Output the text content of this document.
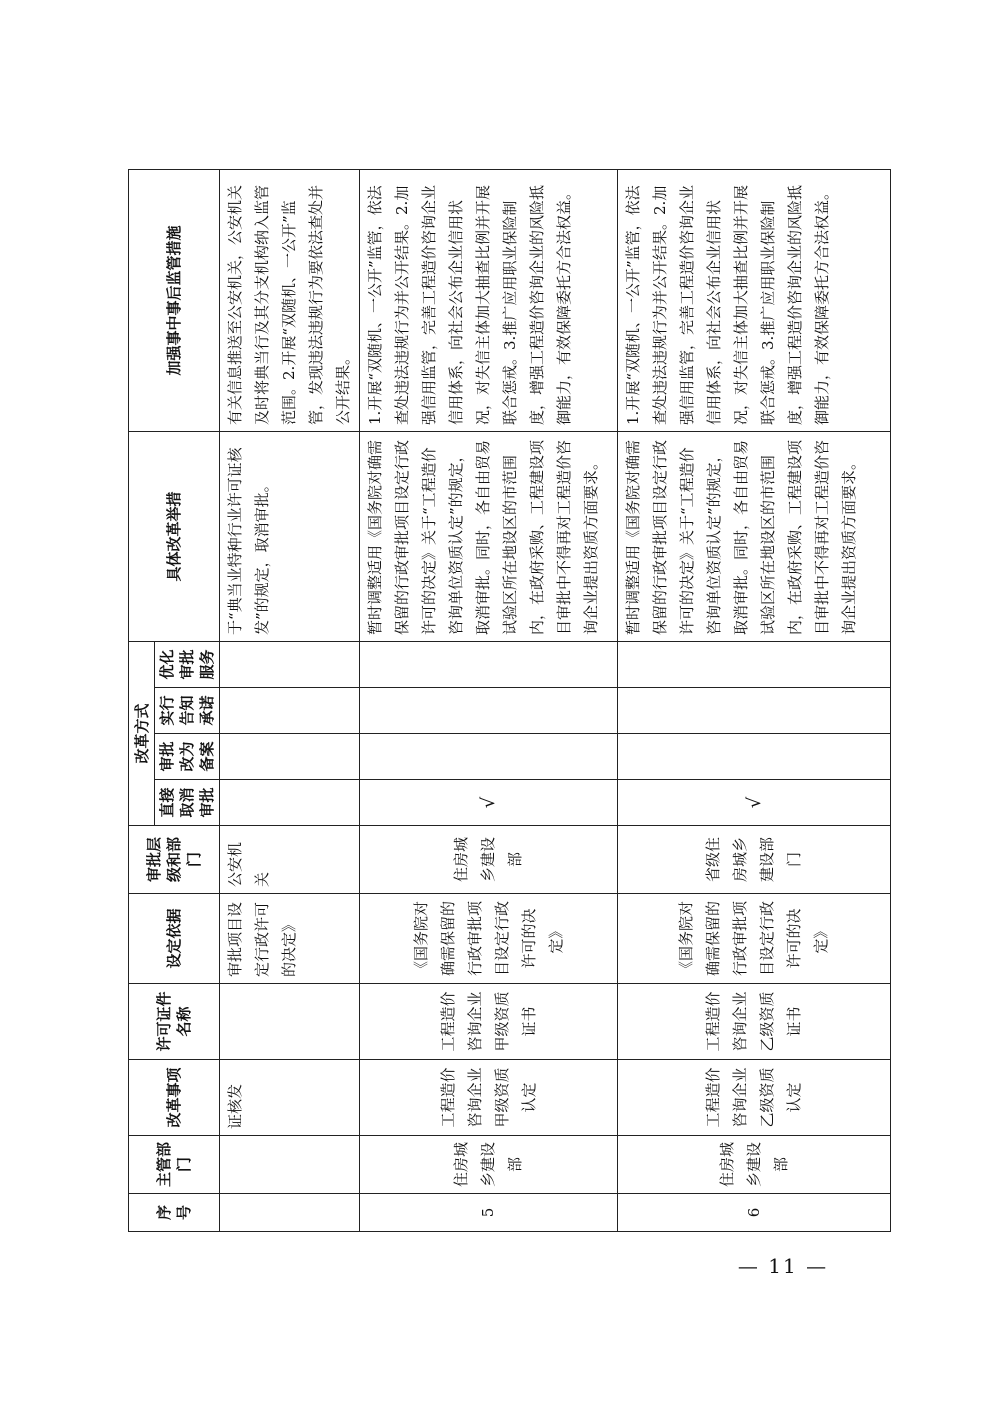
序号	主管部门	改革事项	许可证件名称	设定依据	审批层级和部门	改革方式				具体改革举措	加强事中事后监管措施
						直接取消审批	审批改为备案	实行告知承诺	优化审批服务		
		证核发		审批项目设定行政许可的决定》	公安机关					于“典当业特种行业许可证核发”的规定，取消审批。	有关信息推送至公安机关，公安机关及时将典当行及其分支机构纳入监管范围。2.开展“双随机、一公开”监管，发现违法违规行为要依法查处并公开结果。
5	住房城乡建设部	工程造价咨询企业甲级资质认定	工程造价咨询企业甲级资质证书	《国务院对确需保留的行政审批项目设定行政许可的决定》	住房城乡建设部	√				暂时调整适用《国务院对确需保留的行政审批项目设定行政许可的决定》关于“工程造价咨询单位资质认定”的规定，取消审批。同时，各自由贸易试验区所在地设区的市范围内，在政府采购、工程建设项目审批中不得再对工程造价咨询企业提出资质方面要求。	1.开展“双随机、一公开”监管，依法查处违法违规行为并公开结果。2.加强信用监管，完善工程造价咨询企业信用体系，向社会公布企业信用状况，对失信主体加大抽查比例并开展联合惩戒。3.推广应用职业保险制度，增强工程造价咨询企业的风险抵御能力，有效保障委托方合法权益。
6	住房城乡建设部	工程造价咨询企业乙级资质认定	工程造价咨询企业乙级资质证书	《国务院对确需保留的行政审批项目设定行政许可的决定》	省级住房城乡建设部门	√				暂时调整适用《国务院对确需保留的行政审批项目设定行政许可的决定》关于“工程造价咨询单位资质认定”的规定，取消审批。同时，各自由贸易试验区所在地设区的市范围内，在政府采购、工程建设项目审批中不得再对工程造价咨询企业提出资质方面要求。	1.开展“双随机、一公开”监管，依法查处违法违规行为并公开结果。2.加强信用监管，完善工程造价咨询企业信用体系，向社会公布企业信用状况，对失信主体加大抽查比例并开展联合惩戒。3.推广应用职业保险制度，增强工程造价咨询企业的风险抵御能力，有效保障委托方合法权益。
— 11 —
